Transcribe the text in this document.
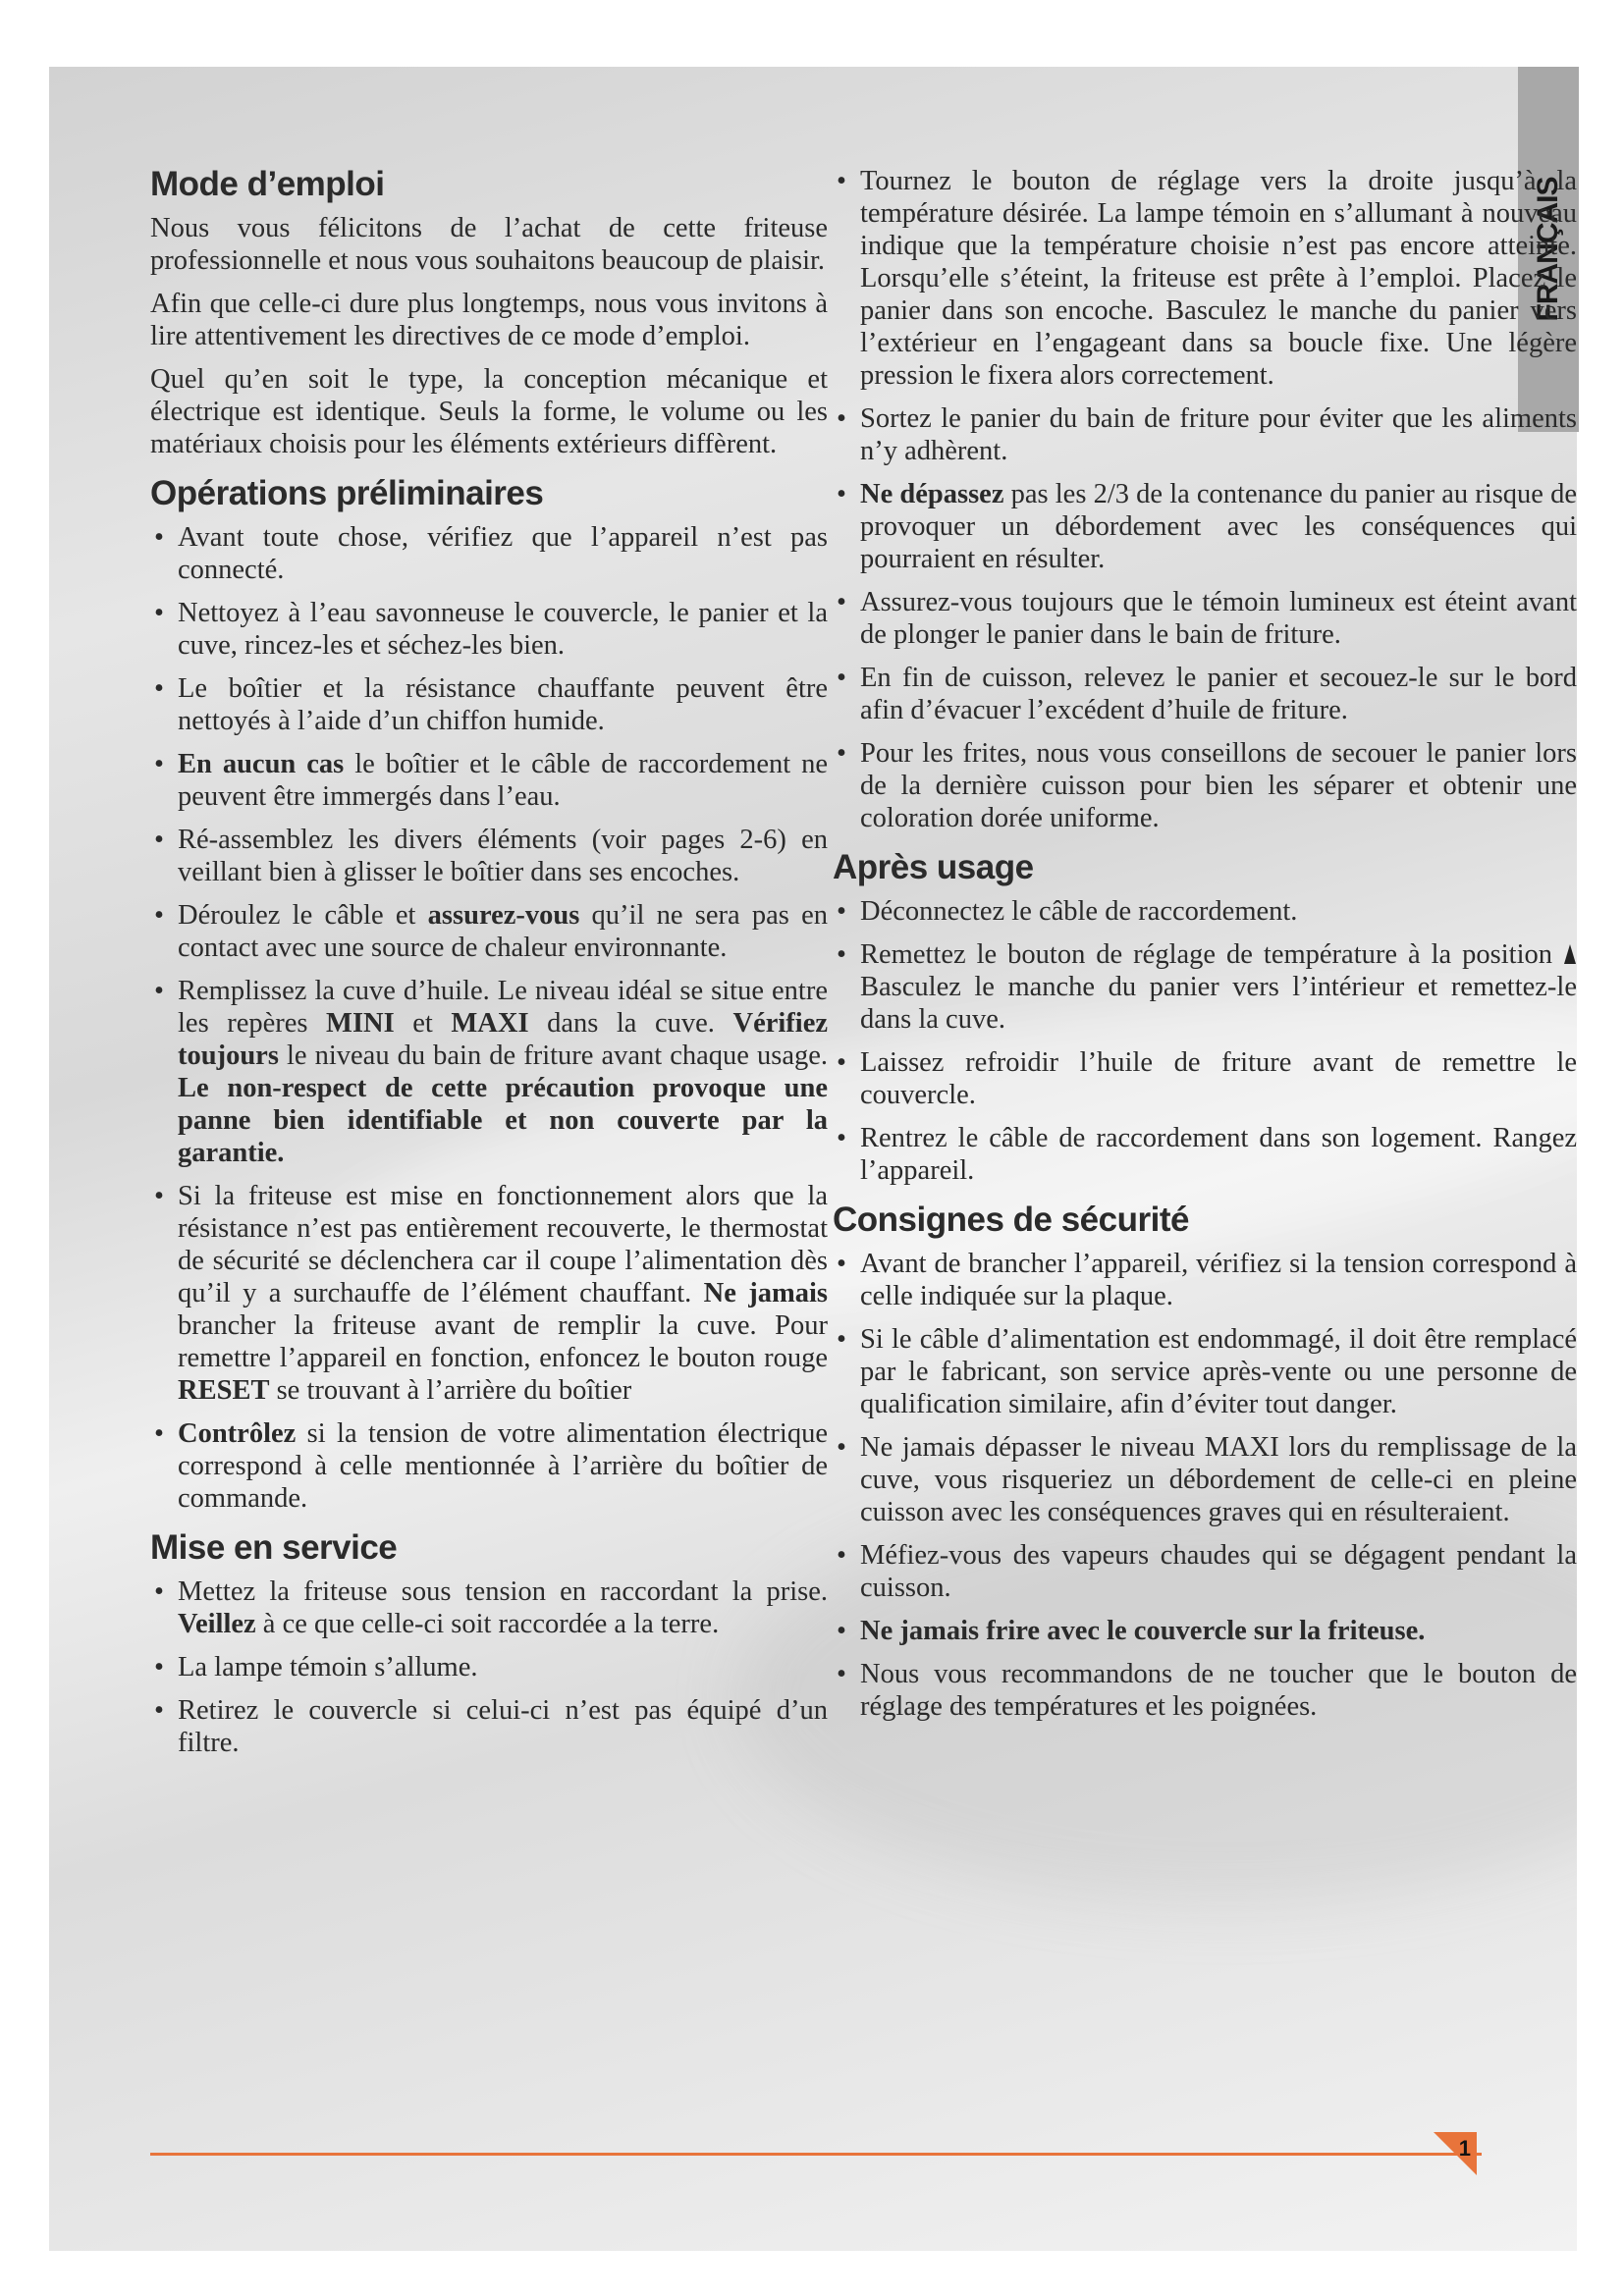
FRANÇAIS
Mode d’emploi

Nous vous félicitons de l’achat de cette friteuse professionnelle et nous vous souhaitons beaucoup de plaisir.

Afin que celle-ci dure plus longtemps, nous vous invitons à lire attentivement les directives de ce mode d’emploi.

Quel qu’en soit le type, la conception mécanique et électrique est identique. Seuls la forme, le volume ou les matériaux choisis pour les éléments extérieurs diffèrent.

Opérations préliminaires
• Avant toute chose, vérifiez que l’appareil n’est pas connecté.
• Nettoyez à l’eau savonneuse le couvercle, le panier et la cuve, rincez-les et séchez-les bien.
• Le boîtier et la résistance chauffante peuvent être nettoyés à l’aide d’un chiffon humide.
• En aucun cas le boîtier et le câble de raccordement ne peuvent être immergés dans l’eau.
• Ré-assemblez les divers éléments (voir pages 2-6) en veillant bien à glisser le boîtier dans ses encoches.
• Déroulez le câble et assurez-vous qu’il ne sera pas en contact avec une source de chaleur environnante.
• Remplissez la cuve d’huile. Le niveau idéal se situe entre les repères MINI et MAXI dans la cuve. Vérifiez toujours le niveau du bain de friture avant chaque usage. Le non-respect de cette précaution provoque une panne bien identifiable et non couverte par la garantie.
• Si la friteuse est mise en fonctionnement alors que la résistance n’est pas entièrement recouverte, le thermostat de sécurité se déclenchera car il coupe l’alimentation dès qu’il y a surchauffe de l’élément chauffant. Ne jamais brancher la friteuse avant de remplir la cuve. Pour remettre l’appareil en fonction, enfoncez le bouton rouge RESET se trouvant à l’arrière du boîtier
• Contrôlez si la tension de votre alimentation électrique correspond à celle mentionnée à l’arrière du boîtier de commande.
Mise en service
• Mettez la friteuse sous tension en raccordant la prise. Veillez à ce que celle-ci soit raccordée a la terre.
• La lampe témoin s’allume.
• Retirez le couvercle si celui-ci n’est pas équipé d’un filtre.
• Tournez le bouton de réglage vers la droite jusqu’à la température désirée. La lampe témoin en s’allumant à nouveau indique que la température choisie n’est pas encore atteinte. Lorsqu’elle s’éteint, la friteuse est prête à l’emploi. Placez le panier dans son encoche. Basculez le manche du panier vers l’extérieur en l’engageant dans sa boucle fixe. Une légère pression le fixera alors correctement.
• Sortez le panier du bain de friture pour éviter que les aliments n’y adhèrent.
• Ne dépassez pas les 2/3 de la contenance du panier au risque de provoquer un débordement avec les conséquences qui pourraient en résulter.
• Assurez-vous toujours que le témoin lumineux est éteint avant de plonger le panier dans le bain de friture.
• En fin de cuisson, relevez le panier et secouez-le sur le bord afin d’évacuer l’excédent d’huile de friture.
• Pour les frites, nous vous conseillons de secouer le panier lors de la dernière cuisson pour bien les séparer et obtenir une coloration dorée uniforme.
Après usage
• Déconnectez le câble de raccordement.
• Remettez le bouton de réglage de température à la position  Basculez le manche du panier vers l’intérieur et remettez-le dans la cuve.
• Laissez refroidir l’huile de friture avant de remettre le couvercle.
• Rentrez le câble de raccordement dans son logement. Rangez l’appareil.
Consignes de sécurité
• Avant de brancher l’appareil, vérifiez si la tension correspond à celle indiquée sur la plaque.
• Si le câble d’alimentation est endommagé, il doit être remplacé par le fabricant, son service après-vente ou une personne de qualification similaire, afin d’éviter tout danger.
• Ne jamais dépasser le niveau MAXI lors du remplissage de la cuve, vous risqueriez un débordement de celle-ci en pleine cuisson avec les conséquences graves qui en résulteraient.
• Méfiez-vous des vapeurs chaudes qui se dégagent pendant la cuisson.
• Ne jamais frire avec le couvercle sur la friteuse.
• Nous vous recommandons de ne toucher que le bouton de réglage des températures et les poignées.
1
